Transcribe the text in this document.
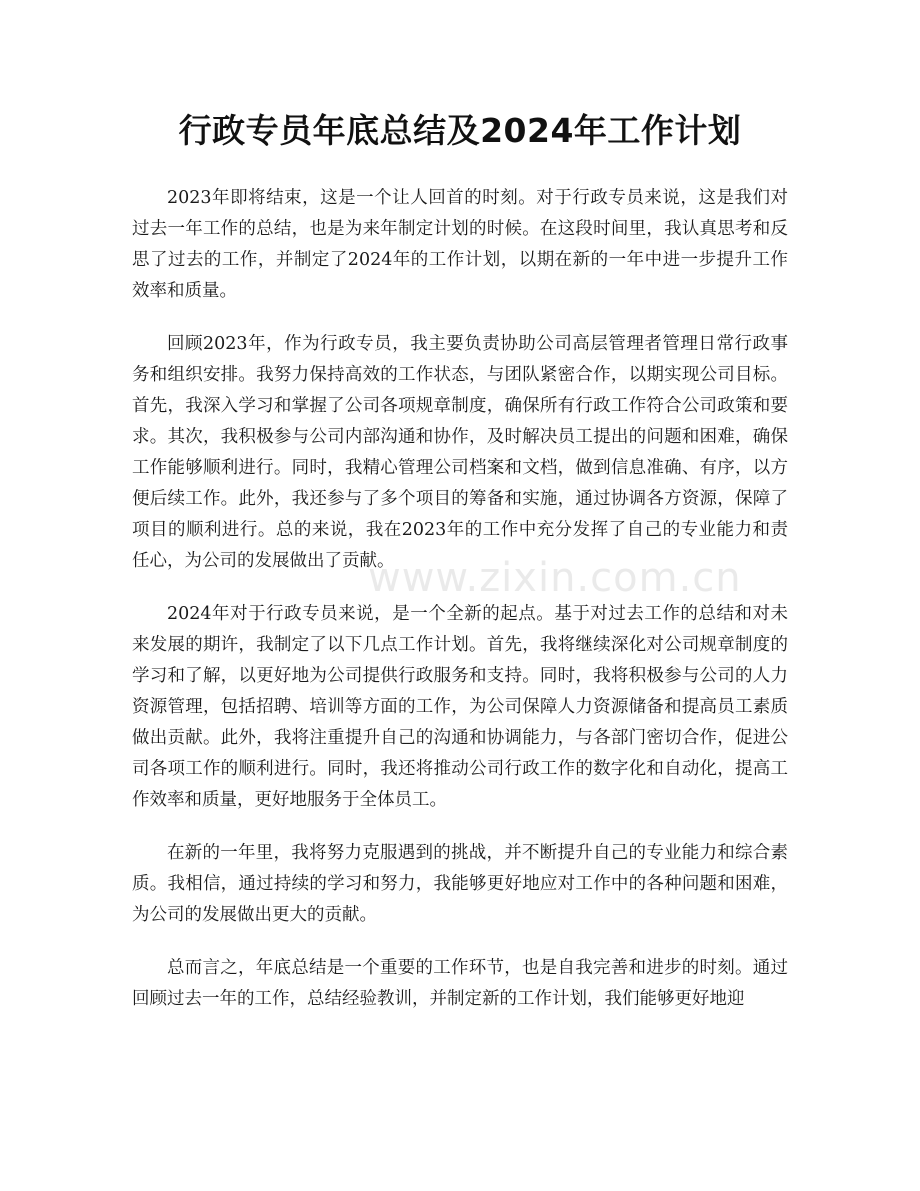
行政专员年底总结及2024年工作计划

2023年即将结束，这是一个让人回首的时刻。对于行政专员来说，这是我们对过去一年工作的总结，也是为来年制定计划的时候。在这段时间里，我认真思考和反思了过去的工作，并制定了2024年的工作计划，以期在新的一年中进一步提升工作效率和质量。

回顾2023年，作为行政专员，我主要负责协助公司高层管理者管理日常行政事务和组织安排。我努力保持高效的工作状态，与团队紧密合作，以期实现公司目标。首先，我深入学习和掌握了公司各项规章制度，确保所有行政工作符合公司政策和要求。其次，我积极参与公司内部沟通和协作，及时解决员工提出的问题和困难，确保工作能够顺利进行。同时，我精心管理公司档案和文档，做到信息准确、有序，以方便后续工作。此外，我还参与了多个项目的筹备和实施，通过协调各方资源，保障了项目的顺利进行。总的来说，我在2023年的工作中充分发挥了自己的专业能力和责任心，为公司的发展做出了贡献。

2024年对于行政专员来说，是一个全新的起点。基于对过去工作的总结和对未来发展的期许，我制定了以下几点工作计划。首先，我将继续深化对公司规章制度的学习和了解，以更好地为公司提供行政服务和支持。同时，我将积极参与公司的人力资源管理，包括招聘、培训等方面的工作，为公司保障人力资源储备和提高员工素质做出贡献。此外，我将注重提升自己的沟通和协调能力，与各部门密切合作，促进公司各项工作的顺利进行。同时，我还将推动公司行政工作的数字化和自动化，提高工作效率和质量，更好地服务于全体员工。

在新的一年里，我将努力克服遇到的挑战，并不断提升自己的专业能力和综合素质。我相信，通过持续的学习和努力，我能够更好地应对工作中的各种问题和困难，为公司的发展做出更大的贡献。

总而言之，年底总结是一个重要的工作环节，也是自我完善和进步的时刻。通过回顾过去一年的工作，总结经验教训，并制定新的工作计划，我们能够更好地迎

www.zixin.com.cn
